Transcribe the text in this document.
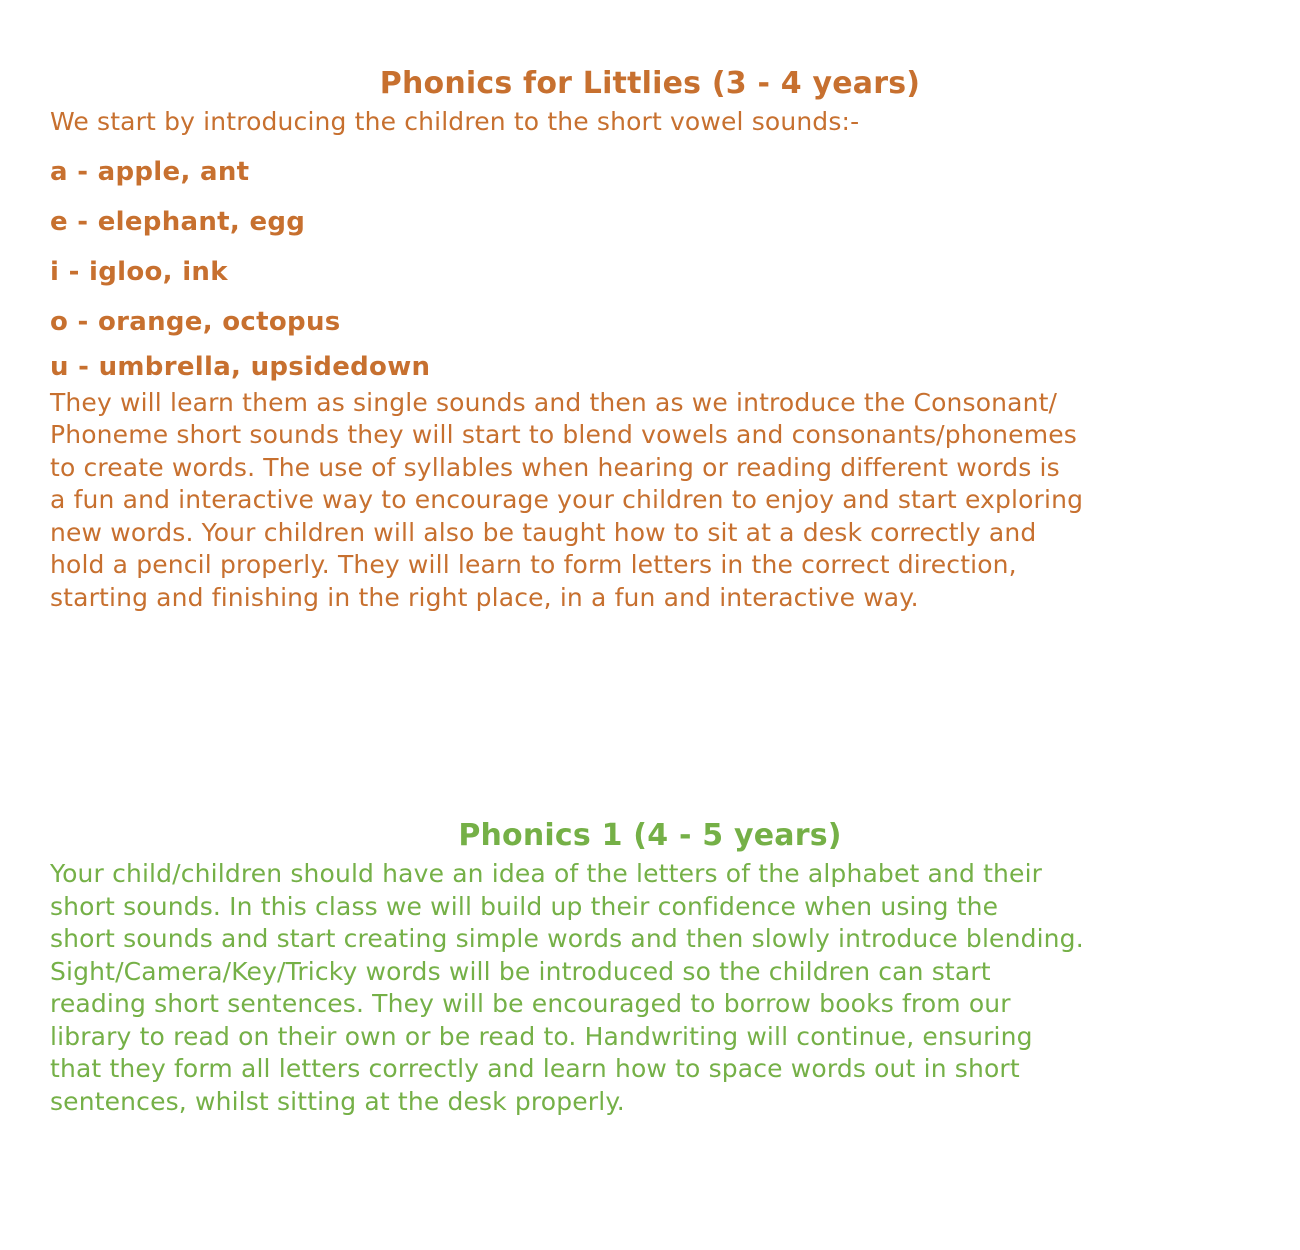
Phonics for Littlies (3 - 4 years)

We start by introducing the children to the short vowel sounds:-

a - apple, ant
e - elephant, egg
i - igloo, ink
o - orange, octopus
u - umbrella, upsidedown

They will learn them as single sounds and then as we introduce the Consonant/

Phoneme short sounds they will start to blend vowels and consonants/phonemes

to create words. The use of syllables when hearing or reading different words is

a fun and interactive way to encourage your children to enjoy and start exploring

new words. Your children will also be taught how to sit at a desk correctly and

hold a pencil properly. They will learn to form letters in the correct direction,

starting and finishing in the right place, in a fun and interactive way.

Phonics 1 (4 - 5 years)

Your child/children should have an idea of the letters of the alphabet and their

short sounds. In this class we will build up their confidence when using the

short sounds and start creating simple words and then slowly introduce blending.

Sight/Camera/Key/Tricky words will be introduced so the children can start

reading short sentences. They will be encouraged to borrow books from our

library to read on their own or be read to. Handwriting will continue, ensuring

that they form all letters correctly and learn how to space words out in short

sentences, whilst sitting at the desk properly.
